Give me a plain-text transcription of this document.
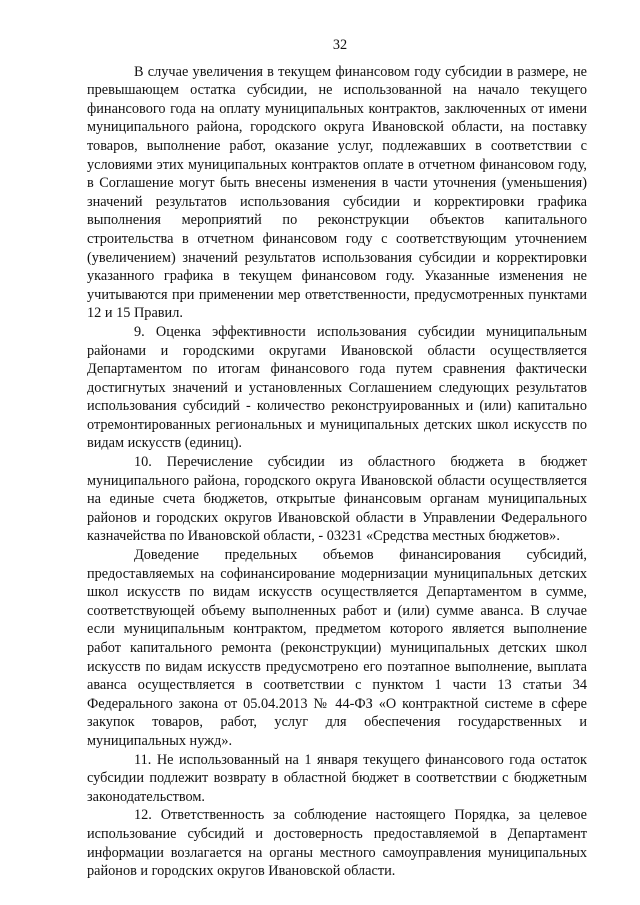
32

В случае увеличения в текущем финансовом году субсидии в размере, не превышающем остатка субсидии, не использованной на начало текущего финансового года на оплату муниципальных контрактов, заключенных от имени муниципального района, городского округа Ивановской области, на поставку товаров, выполнение работ, оказание услуг, подлежавших в соответствии с условиями этих муниципальных контрактов оплате в отчетном финансовом году, в Соглашение могут быть внесены изменения в части уточнения (уменьшения) значений результатов использования субсидии и корректировки графика выполнения мероприятий по реконструкции объектов капитального строительства в отчетном финансовом году с соответствующим уточнением (увеличением) значений результатов использования субсидии и корректировки указанного графика в текущем финансовом году. Указанные изменения не учитываются при применении мер ответственности, предусмотренных пунктами 12 и 15 Правил.

9. Оценка эффективности использования субсидии муниципальным районами и городскими округами Ивановской области осуществляется Департаментом по итогам финансового года путем сравнения фактически достигнутых значений и установленных Соглашением следующих результатов использования субсидий - количество реконструированных и (или) капитально отремонтированных региональных и муниципальных детских школ искусств по видам искусств (единиц).

10. Перечисление субсидии из областного бюджета в бюджет муниципального района, городского округа Ивановской области осуществляется на единые счета бюджетов, открытые финансовым органам муниципальных районов и городских округов Ивановской области в Управлении Федерального казначейства по Ивановской области, - 03231 «Средства местных бюджетов».

Доведение предельных объемов финансирования субсидий, предоставляемых на софинансирование модернизации муниципальных детских школ искусств по видам искусств осуществляется Департаментом в сумме, соответствующей объему выполненных работ и (или) сумме аванса. В случае если муниципальным контрактом, предметом которого является выполнение работ капитального ремонта (реконструкции) муниципальных детских школ искусств по видам искусств предусмотрено его поэтапное выполнение, выплата аванса осуществляется в соответствии с пунктом 1 части 13 статьи 34 Федерального закона от 05.04.2013 № 44-ФЗ «О контрактной системе в сфере закупок товаров, работ, услуг для обеспечения государственных и муниципальных нужд».

11. Не использованный на 1 января текущего финансового года остаток субсидии подлежит возврату в областной бюджет в соответствии с бюджетным законодательством.

12. Ответственность за соблюдение настоящего Порядка, за целевое использование субсидий и достоверность предоставляемой в Департамент информации возлагается на органы местного самоуправления муниципальных районов и городских округов Ивановской области.
